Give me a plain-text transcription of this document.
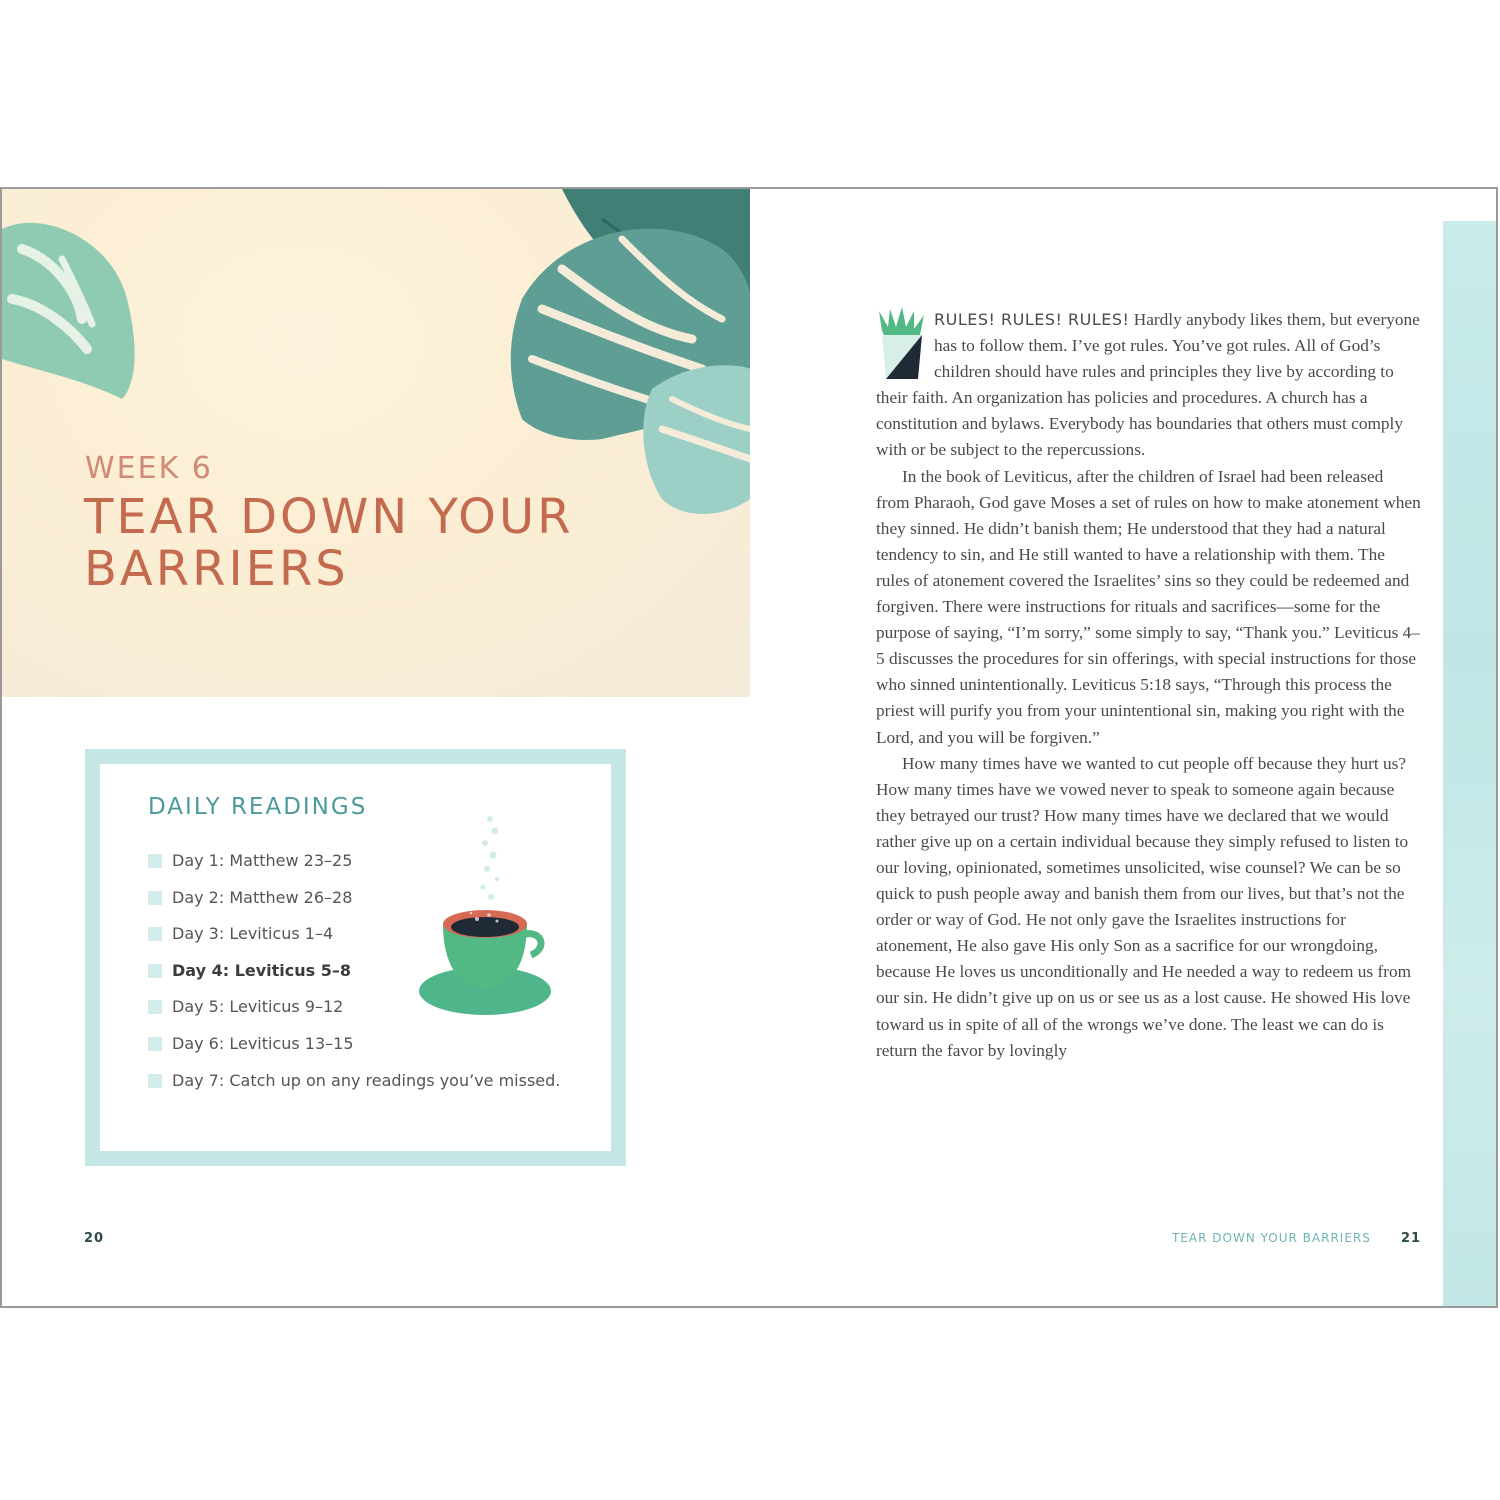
WEEK 6
TEAR DOWN YOUR BARRIERS
DAILY READINGS
Day 1: Matthew 23–25
Day 2: Matthew 26–28
Day 3: Leviticus 1–4
Day 4: Leviticus 5–8
Day 5: Leviticus 9–12
Day 6: Leviticus 13–15
Day 7: Catch up on any readings you’ve missed.

RULES! RULES! RULES! Hardly anybody likes them, but everyone has to follow them. I’ve got rules. You’ve got rules. All of God’s children should have rules and principles they live by according to their faith. An organization has policies and procedures. A church has a constitution and bylaws. Everybody has boundaries that others must comply with or be subject to the repercussions.

In the book of Leviticus, after the children of Israel had been released from Pharaoh, God gave Moses a set of rules on how to make atonement when they sinned. He didn’t banish them; He understood that they had a natural tendency to sin, and He still wanted to have a relationship with them. The rules of atonement covered the Israelites’ sins so they could be redeemed and forgiven. There were instructions for rituals and sacrifices—some for the purpose of saying, “I’m sorry,” some simply to say, “Thank you.” Leviticus 4–5 discusses the procedures for sin offerings, with special instructions for those who sinned unintentionally. Leviticus 5:18 says, “Through this process the priest will purify you from your unintentional sin, making you right with the Lord, and you will be forgiven.”

How many times have we wanted to cut people off because they hurt us? How many times have we vowed never to speak to someone again because they betrayed our trust? How many times have we declared that we would rather give up on a certain individual because they simply refused to listen to our loving, opinionated, sometimes unsolicited, wise counsel? We can be so quick to push people away and banish them from our lives, but that’s not the order or way of God. He not only gave the Israelites instructions for atonement, He also gave His only Son as a sacrifice for our wrongdoing, because He loves us unconditionally and He needed a way to redeem us from our sin. He didn’t give up on us or see us as a lost cause. He showed His love toward us in spite of all of the wrongs we’ve done. The least we can do is return the favor by lovingly

20	TEAR DOWN YOUR BARRIERS 21
